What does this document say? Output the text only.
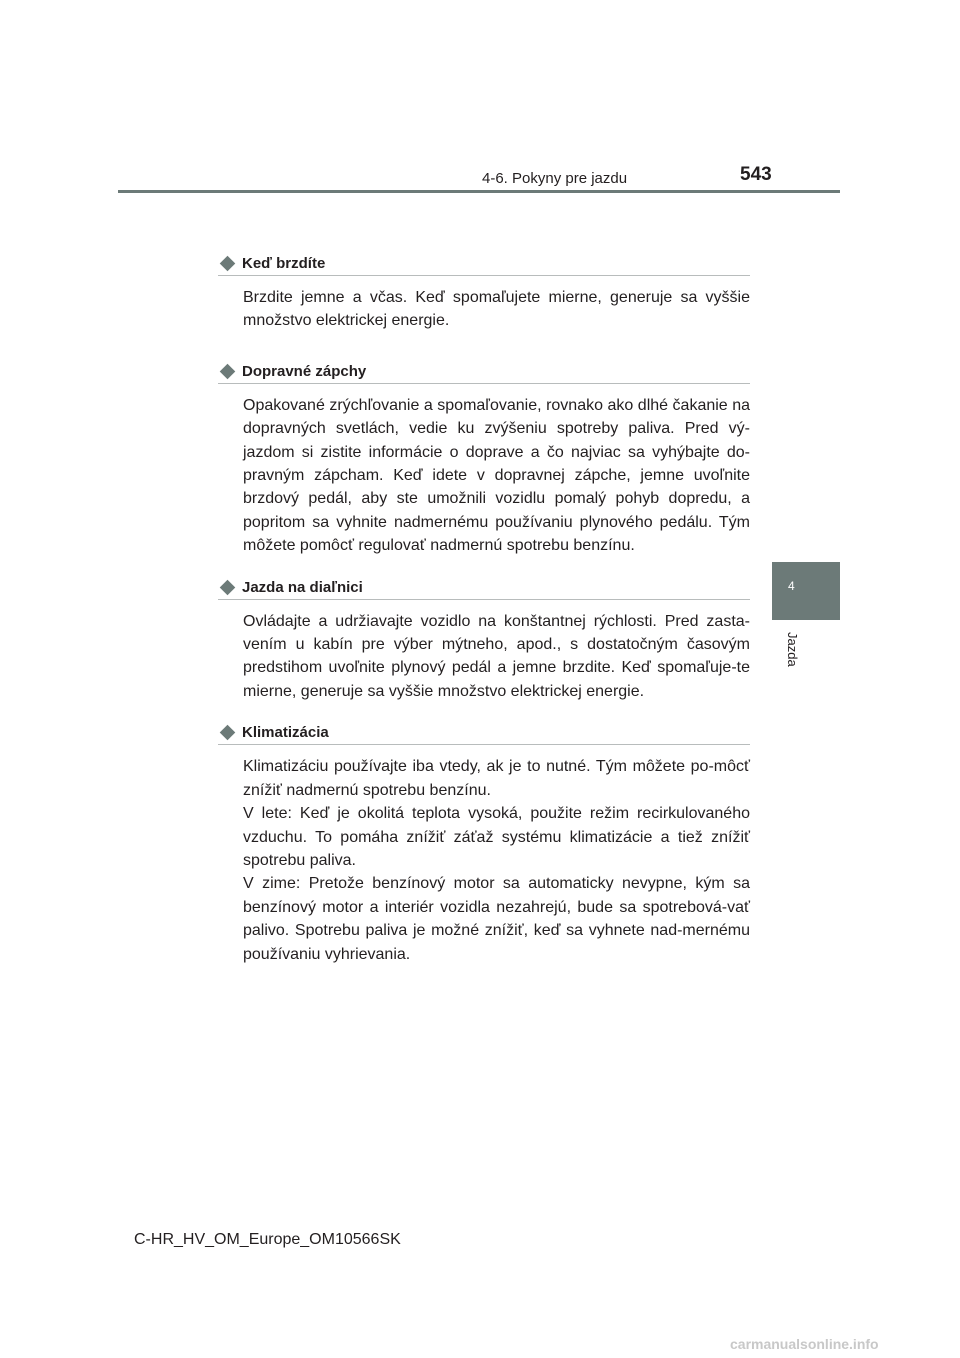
4-6. Pokyny pre jazdu	543
4
Jazda
Keď brzdíte

Brzdite jemne a včas. Keď spomaľujete mierne, generuje sa vyššie množstvo elektrickej energie.

Dopravné zápchy

Opakované zrýchľovanie a spomaľovanie, rovnako ako dlhé čakanie na dopravných svetlách, vedie ku zvýšeniu spotreby paliva. Pred vý-jazdom si zistite informácie o doprave a čo najviac sa vyhýbajte do-pravným zápcham. Keď idete v dopravnej zápche, jemne uvoľnite brzdový pedál, aby ste umožnili vozidlu pomalý pohyb dopredu, a popritom sa vyhnite nadmernému používaniu plynového pedálu. Tým môžete pomôcť regulovať nadmernú spotrebu benzínu.

Jazda na diaľnici

Ovládajte a udržiavajte vozidlo na konštantnej rýchlosti. Pred zasta-vením u kabín pre výber mýtneho, apod., s dostatočným časovým predstihom uvoľnite plynový pedál a jemne brzdite. Keď spomaľuje-te mierne, generuje sa vyššie množstvo elektrickej energie.

Klimatizácia

Klimatizáciu používajte iba vtedy, ak je to nutné. Tým môžete po-môcť znížiť nadmernú spotrebu benzínu.

V lete: Keď je okolitá teplota vysoká, použite režim recirkulovaného vzduchu. To pomáha znížiť záťaž systému klimatizácie a tiež znížiť spotrebu paliva.

V zime: Pretože benzínový motor sa automaticky nevypne, kým sa benzínový motor a interiér vozidla nezahrejú, bude sa spotrebová-vať palivo. Spotrebu paliva je možné znížiť, keď sa vyhnete nad-mernému používaniu vyhrievania.

C-HR_HV_OM_Europe_OM10566SK
carmanualsonline.info
